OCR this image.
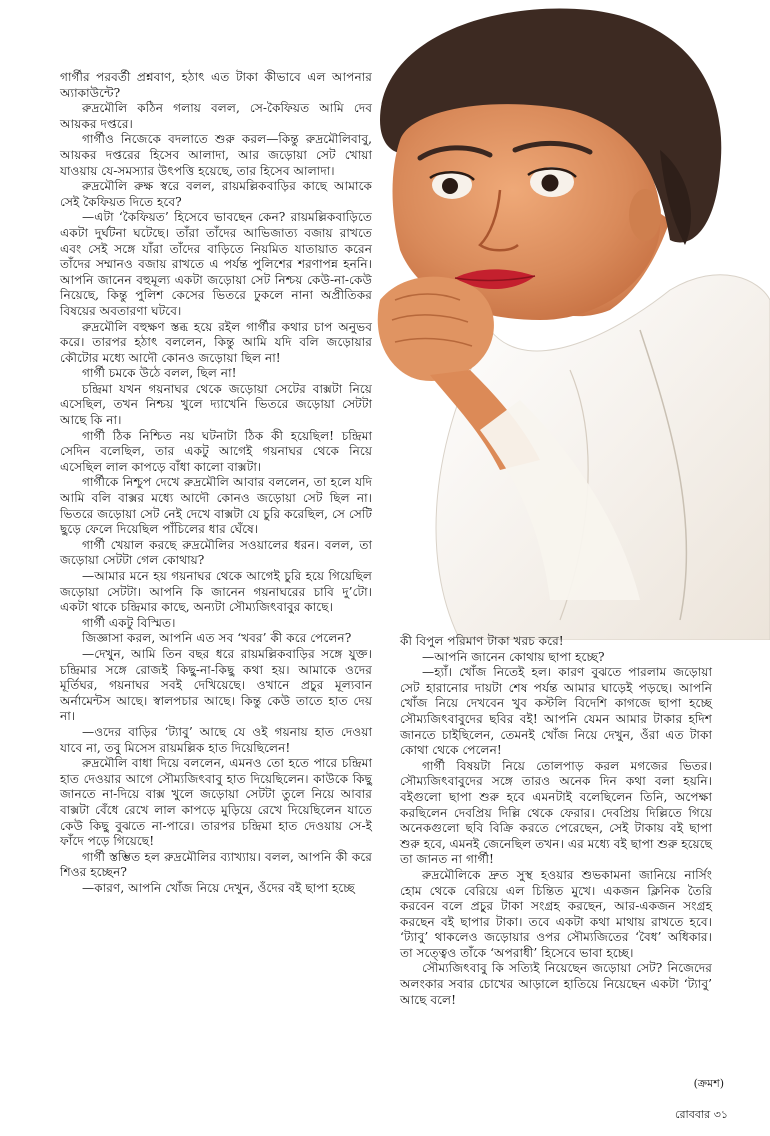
গার্গীর পরবর্তী প্রশ্নবাণ, হঠাৎ এত টাকা কীভাবে এল আপনার অ্যাকাউন্টে?

রুদ্রমৌলি কঠিন গলায় বলল, সে-কৈফিয়ত আমি দেব আয়কর দপ্তরে।

গার্গীও নিজেকে বদলাতে শুরু করল—কিন্তু রুদ্রমৌলিবাবু, আয়কর দপ্তরের হিসেব আলাদা, আর জড়োয়া সেট খোয়া যাওয়ায় যে-সমস্যার উৎপত্তি হয়েছে, তার হিসেব আলাদা।

রুদ্রমৌলি রুক্ষ স্বরে বলল, রায়মল্লিকবাড়ির কাছে আমাকে সেই কৈফিয়ত দিতে হবে?

—এটা ‘কৈফিয়ত’ হিসেবে ভাবছেন কেন? রায়মল্লিকবাড়িতে একটা দুর্ঘটনা ঘটেছে। তাঁরা তাঁদের আভিজাত্য বজায় রাখতে এবং সেই সঙ্গে যাঁরা তাঁদের বাড়িতে নিয়মিত যাতায়াত করেন তাঁদের সম্মানও বজায় রাখতে এ পর্যন্ত পুলিশের শরণাপন্ন হননি। আপনি জানেন বহুমূল্য একটা জড়োয়া সেট নিশ্চয় কেউ-না-কেউ নিয়েছে, কিন্তু পুলিশ কেসের ভিতরে ঢুকলে নানা অপ্রীতিকর বিষয়ের অবতারণা ঘটবে।

রুদ্রমৌলি বহুক্ষণ স্তব্ধ হয়ে রইল গার্গীর কথার চাপ অনুভব করে। তারপর হঠাৎ বললেন, কিন্তু আমি যদি বলি জড়োয়ার কৌটোর মধ্যে আদৌ কোনও জড়োয়া ছিল না!

গার্গী চমকে উঠে বলল, ছিল না!

চন্দ্রিমা যখন গয়নাঘর থেকে জড়োয়া সেটের বাক্সটা নিয়ে এসেছিল, তখন নিশ্চয় খুলে দ্যাখেনি ভিতরে জড়োয়া সেটটা আছে কি না।

গার্গী ঠিক নিশ্চিত নয় ঘটনাটা ঠিক কী হয়েছিল! চন্দ্রিমা সেদিন বলেছিল, তার একটু আগেই গয়নাঘর থেকে নিয়ে এসেছিল লাল কাপড়ে বাঁধা কালো বাক্সটা।

গার্গীকে নিশ্চুপ দেখে রুদ্রমৌলি আবার বললেন, তা হলে যদি আমি বলি বাক্সর মধ্যে আদৌ কোনও জড়োয়া সেট ছিল না। ভিতরে জড়োয়া সেট নেই দেখে বাক্সটা যে চুরি করেছিল, সে সেটি ছুড়ে ফেলে দিয়েছিল পাঁচিলের ধার ঘেঁষে।

গার্গী খেয়াল করছে রুদ্রমৌলির সওয়ালের ধরন। বলল, তা জড়োয়া সেটটা গেল কোথায়?

—আমার মনে হয় গয়নাঘর থেকে আগেই চুরি হয়ে গিয়েছিল জড়োয়া সেটটা। আপনি কি জানেন গয়নাঘরের চাবি দু’টো। একটা থাকে চন্দ্রিমার কাছে, অন্যটা সৌম্যজিৎবাবুর কাছে।

গার্গী একটু বিস্মিত।

জিজ্ঞাসা করল, আপনি এত সব ‘খবর’ কী করে পেলেন?

—দেখুন, আমি তিন বছর ধরে রায়মল্লিকবাড়ির সঙ্গে যুক্ত। চন্দ্রিমার সঙ্গে রোজই কিছু-না-কিছু কথা হয়। আমাকে ওদের মূর্তিঘর, গয়নাঘর সবই দেখিয়েছে। ওখানে প্রচুর মূল্যবান অর্নামেন্টস আছে। স্বালপচার আছে। কিন্তু কেউ তাতে হাত দেয় না।

—ওদের বাড়ির ‘ট্যাবু’ আছে যে ওই গয়নায় হাত দেওয়া যাবে না, তবু মিসেস রায়মল্লিক হাত দিয়েছিলেন!

রুদ্রমৌলি বাধা দিয়ে বললেন, এমনও তো হতে পারে চন্দ্রিমা হাত দেওয়ার আগে সৌম্যজিৎবাবু হাত দিয়েছিলেন। কাউকে কিছু জানতে না-দিয়ে বাক্স খুলে জড়োয়া সেটটা তুলে নিয়ে আবার বাক্সটা বেঁধে রেখে লাল কাপড়ে মুড়িয়ে রেখে দিয়েছিলেন যাতে কেউ কিছু বুঝতে না-পারে। তারপর চন্দ্রিমা হাত দেওয়ায় সে-ই ফাঁদে পড়ে গিয়েছে!

গার্গী স্তম্ভিত হল রুদ্রমৌলির ব্যাখ্যায়। বলল, আপনি কী করে শিওর হচ্ছেন?

—কারণ, আপনি খোঁজ নিয়ে দেখুন, ওঁদের বই ছাপা হচ্ছে

কী বিপুল পরিমাণ টাকা খরচ করে!

—আপনি জানেন কোথায় ছাপা হচ্ছে?

—হ্যাঁ। খোঁজ নিতেই হল। কারণ বুঝতে পারলাম জড়োয়া সেট হারানোর দায়টা শেষ পর্যন্ত আমার ঘাড়েই পড়ছে। আপনি খোঁজ নিয়ে দেখবেন খুব কস্টলি বিদেশি কাগজে ছাপা হচ্ছে সৌম্যজিৎবাবুদের ছবির বই! আপনি যেমন আমার টাকার হদিশ জানতে চাইছিলেন, তেমনই খোঁজ নিয়ে দেখুন, ওঁরা এত টাকা কোথা থেকে পেলেন!

গার্গী বিষয়টা নিয়ে তোলপাড় করল মগজের ভিতর। সৌম্যজিৎবাবুদের সঙ্গে তারও অনেক দিন কথা বলা হয়নি। বইগুলো ছাপা শুরু হবে এমনটাই বলেছিলেন তিনি, অপেক্ষা করছিলেন দেবপ্রিয় দিল্লি থেকে ফেরার। দেবপ্রিয় দিল্লিতে গিয়ে অনেকগুলো ছবি বিক্রি করতে পেরেছেন, সেই টাকায় বই ছাপা শুরু হবে, এমনই জেনেছিল তখন। এর মধ্যে বই ছাপা শুরু হয়েছে তা জানত না গার্গী!

রুদ্রমৌলিকে দ্রুত সুস্থ হওয়ার শুভকামনা জানিয়ে নার্সিং হোম থেকে বেরিয়ে এল চিন্তিত মুখে। একজন ক্লিনিক তৈরি করবেন বলে প্রচুর টাকা সংগ্রহ করছেন, আর-একজন সংগ্রহ করছেন বই ছাপার টাকা। তবে একটা কথা মাথায় রাখতে হবে। ‘ট্যাবু’ থাকলেও জড়োয়ার ওপর সৌম্যজিতের ‘বৈধ’ অধিকার। তা সত্ত্বেও তাঁকে ‘অপরাধী’ হিসেবে ভাবা হচ্ছে।

সৌম্যজিৎবাবু কি সত্যিই নিয়েছেন জড়োয়া সেট? নিজেদের অলংকার সবার চোখের আড়ালে হাতিয়ে নিয়েছেন একটা ‘ট্যাবু’ আছে বলে!

(ক্রমশ)
রোববার ৩১
